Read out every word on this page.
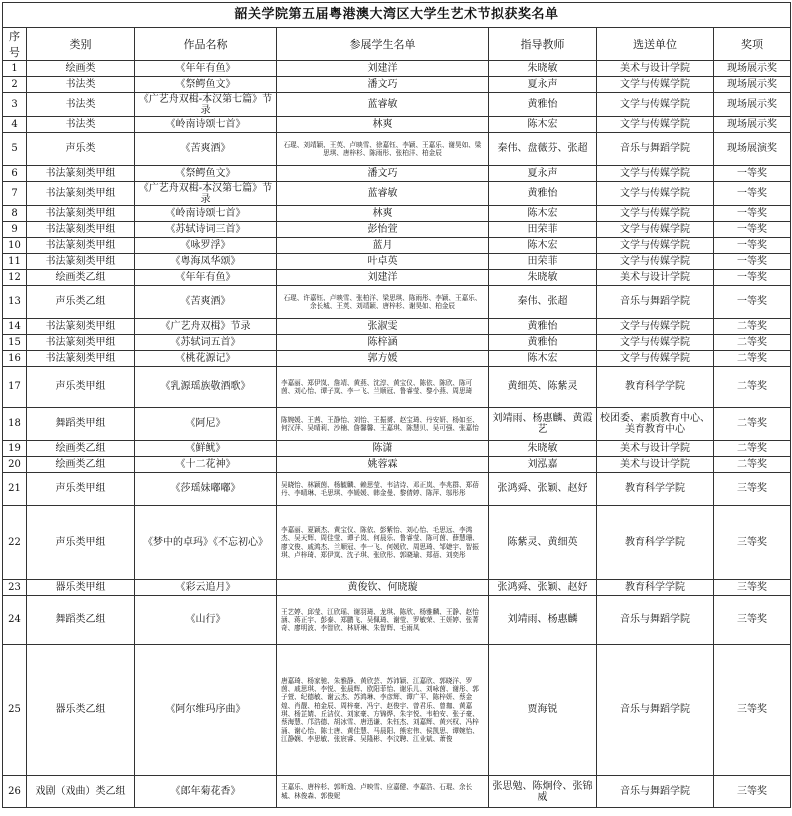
韶关学院第五届粤港澳大湾区大学生艺术节拟获奖名单						
序号	类别	作品名称	参展学生名单	指导教师	选送单位	奖项
1	绘画类	《年年有鱼》	刘建洋	朱晓敏	美术与设计学院	现场展示奖
2	书法类	《祭鳄鱼文》	潘文巧	夏永声	文学与传媒学院	现场展示奖
3	书法类	《广艺舟双楫-本汉第七篇》节录	蓝睿敏	黄雅怡	文学与传媒学院	现场展示奖
4	书法类	《岭南诗颂七首》	林爽	陈木宏	文学与传媒学院	现场展示奖
5	声乐类	《苦爽酒》	石琨、刘靖颖、王英、卢映雪、徐嘉钰、李颖、王嘉乐、谢昊如、梁思琪、唐梓杉、陈雨彤、张柏洋、柏金辰	秦伟、盘薇芬、张超	音乐与舞蹈学院	现场展演奖
6	书法篆刻类甲组	《祭鳄鱼文》	潘文巧	夏永声	文学与传媒学院	一等奖
7	书法篆刻类甲组	《广艺舟双楫-本汉第七篇》节录	蓝睿敏	黄雅怡	文学与传媒学院	一等奖
8	书法篆刻类甲组	《岭南诗颂七首》	林爽	陈木宏	文学与传媒学院	一等奖
9	书法篆刻类甲组	《苏轼诗词三首》	彭怡萱	田荣菲	文学与传媒学院	一等奖
10	书法篆刻类甲组	《咏罗浮》	蓝月	陈木宏	文学与传媒学院	一等奖
11	书法篆刻类甲组	《粤海凤华颂》	叶卓英	田荣菲	文学与传媒学院	一等奖
12	绘画类乙组	《年年有鱼》	刘建洋	朱晓敏	美术与设计学院	一等奖
13	声乐类乙组	《苦爽酒》	石琨、许嘉钰、卢映雪、张柏洋、梁思琪、陈雨彤、李颖、王嘉乐、余长城、王英、刘靖颖、唐梓杉、谢昊如、柏金辰	秦伟、张超	音乐与舞蹈学院	一等奖
14	书法篆刻类甲组	《广艺舟双楫》节录	张淑雯	黄雅怡	文学与传媒学院	二等奖
15	书法篆刻类甲组	《苏轼词五首》	陈梓涵	黄雅怡	文学与传媒学院	二等奖
16	书法篆刻类甲组	《桃花源记》	郭方媛	陈木宏	文学与传媒学院	二等奖
17	声乐类甲组	《乳源瑶族敬酒歌》	李嘉丽、郑伊岚、詹靖、黄燕、沈淳、黄宝仪、陈依、陈欣、陈可茵、刘心怡、谭子岚、李一飞、兰顺冠、鲁睿莹、黎小燕、周思琦	黄细英、陈紫灵	教育科学学院	二等奖
18	舞蹈类甲组	《阿尼》	陈婉媛、王茜、王静怡、刘怡、王振赟、赵宝琦、丹安妍、杨如至、何汉萍、吴晴莉、沙楠、詹馨馨、王嘉琪、陈慧贝、吴可强、张嘉怡	刘靖雨、杨惠麟、黄霞艺	校团委、素质教育中心、美育教育中心	二等奖
19	绘画类乙组	《鲜鱿》	陈潇	朱晓敏	美术与设计学院	二等奖
20	绘画类乙组	《十二花神》	姚蓉霖	刘泓嘉	美术与设计学院	二等奖
21	声乐类甲组	《莎瑶妹嘟嘟》	吴晓怡、林颖茵、杨毓麟、赖思莹、韦洁诗、邓正岚、李兆群、郑蓓丹、李晴琳、毛思琪、李媛媛、韩金曼、黎倩婷、陈萍、邬彤彤	张鸿舜、张颖、赵妤	教育科学学院	三等奖
22	声乐类甲组	《梦中的卓玛》《不忘初心》	李嘉丽、夏颖杰、黄宝仪、陈依、彭紫怡、刘心怡、毛思远、李鸿杰、吴天辉、周佳莹、谭子岚、何晨乐、鲁睿莹、陈可茵、薛慧珊、廖文俊、戚鸿杰、兰顺冠、李一飞、何媛欣、周思琦、邹婕宇、智振琪、卢梓琦、郑伊岚、沈子琪、张欣彤、郭晓瑜、郑蓓、刘奕彤	陈紫灵、黄细英	教育科学学院	三等奖
23	器乐类甲组	《彩云追月》	黄俊钦、何晓璇	张鸿舜、张颖、赵妤	教育科学学院	三等奖
24	舞蹈类乙组	《山行》	王艺婷、邱莹、江欣瑶、谢羽琦、龙琪、陈欣、杨雅麟、王静、赵怡涵、蒋正宇、彭泰、郑鹏飞、吴佩琦、谢莹、罗敏荣、王妍婷、张菁奇、廖明波、李智欣、林妍琳、朱智辉、毛雨凤	刘靖雨、杨惠麟	音乐与舞蹈学院	三等奖
25	器乐类乙组	《阿尔维玛序曲》	唐嘉琦、杨家驰、朱雅静、黄欣芸、苏沛颖、江嘉欣、郭晓洋、罗茵、戚思琪、李悦、张晨辉、欧阳菲怡、谢乐儿、刘咏茵、谢彤、郭子萱、纪德敏、谢云杰、苏鸿琳、李彦辉、谭广平、陈梓妍、蔡金煌、肖靓、柏金辰、周梓豪、冯宁、赵俊宇、曾君乐、曾珈、黄嘉琪、杨芷婧、丘洁仪、刘家豪、方锦烨、朱宇悦、韦柏安、张子豪、蔡海慧、邝浩德、胡冰雪、唐迅谦、朱钰杰、刘嘉辉、黄兴权、冯梓涌、谢心怡、陈士唐、黄佳慧、马晨阳、熊宏伟、侯凯思、谭婉怡、江静娴、李思敏、张宸睿、吴隆彬、李汶聘、江业斌、萧俊	贾海锐	音乐与舞蹈学院	三等奖
26	戏剧（戏曲）类乙组	《郎年菊花香》	王嘉乐、唐梓杉、郭昕逸、卢映雪、应嘉健、李嘉浩、石琨、余长城、林俊森、郭俊妮	张思勉、陈炯伶、张锦威	音乐与舞蹈学院	三等奖
